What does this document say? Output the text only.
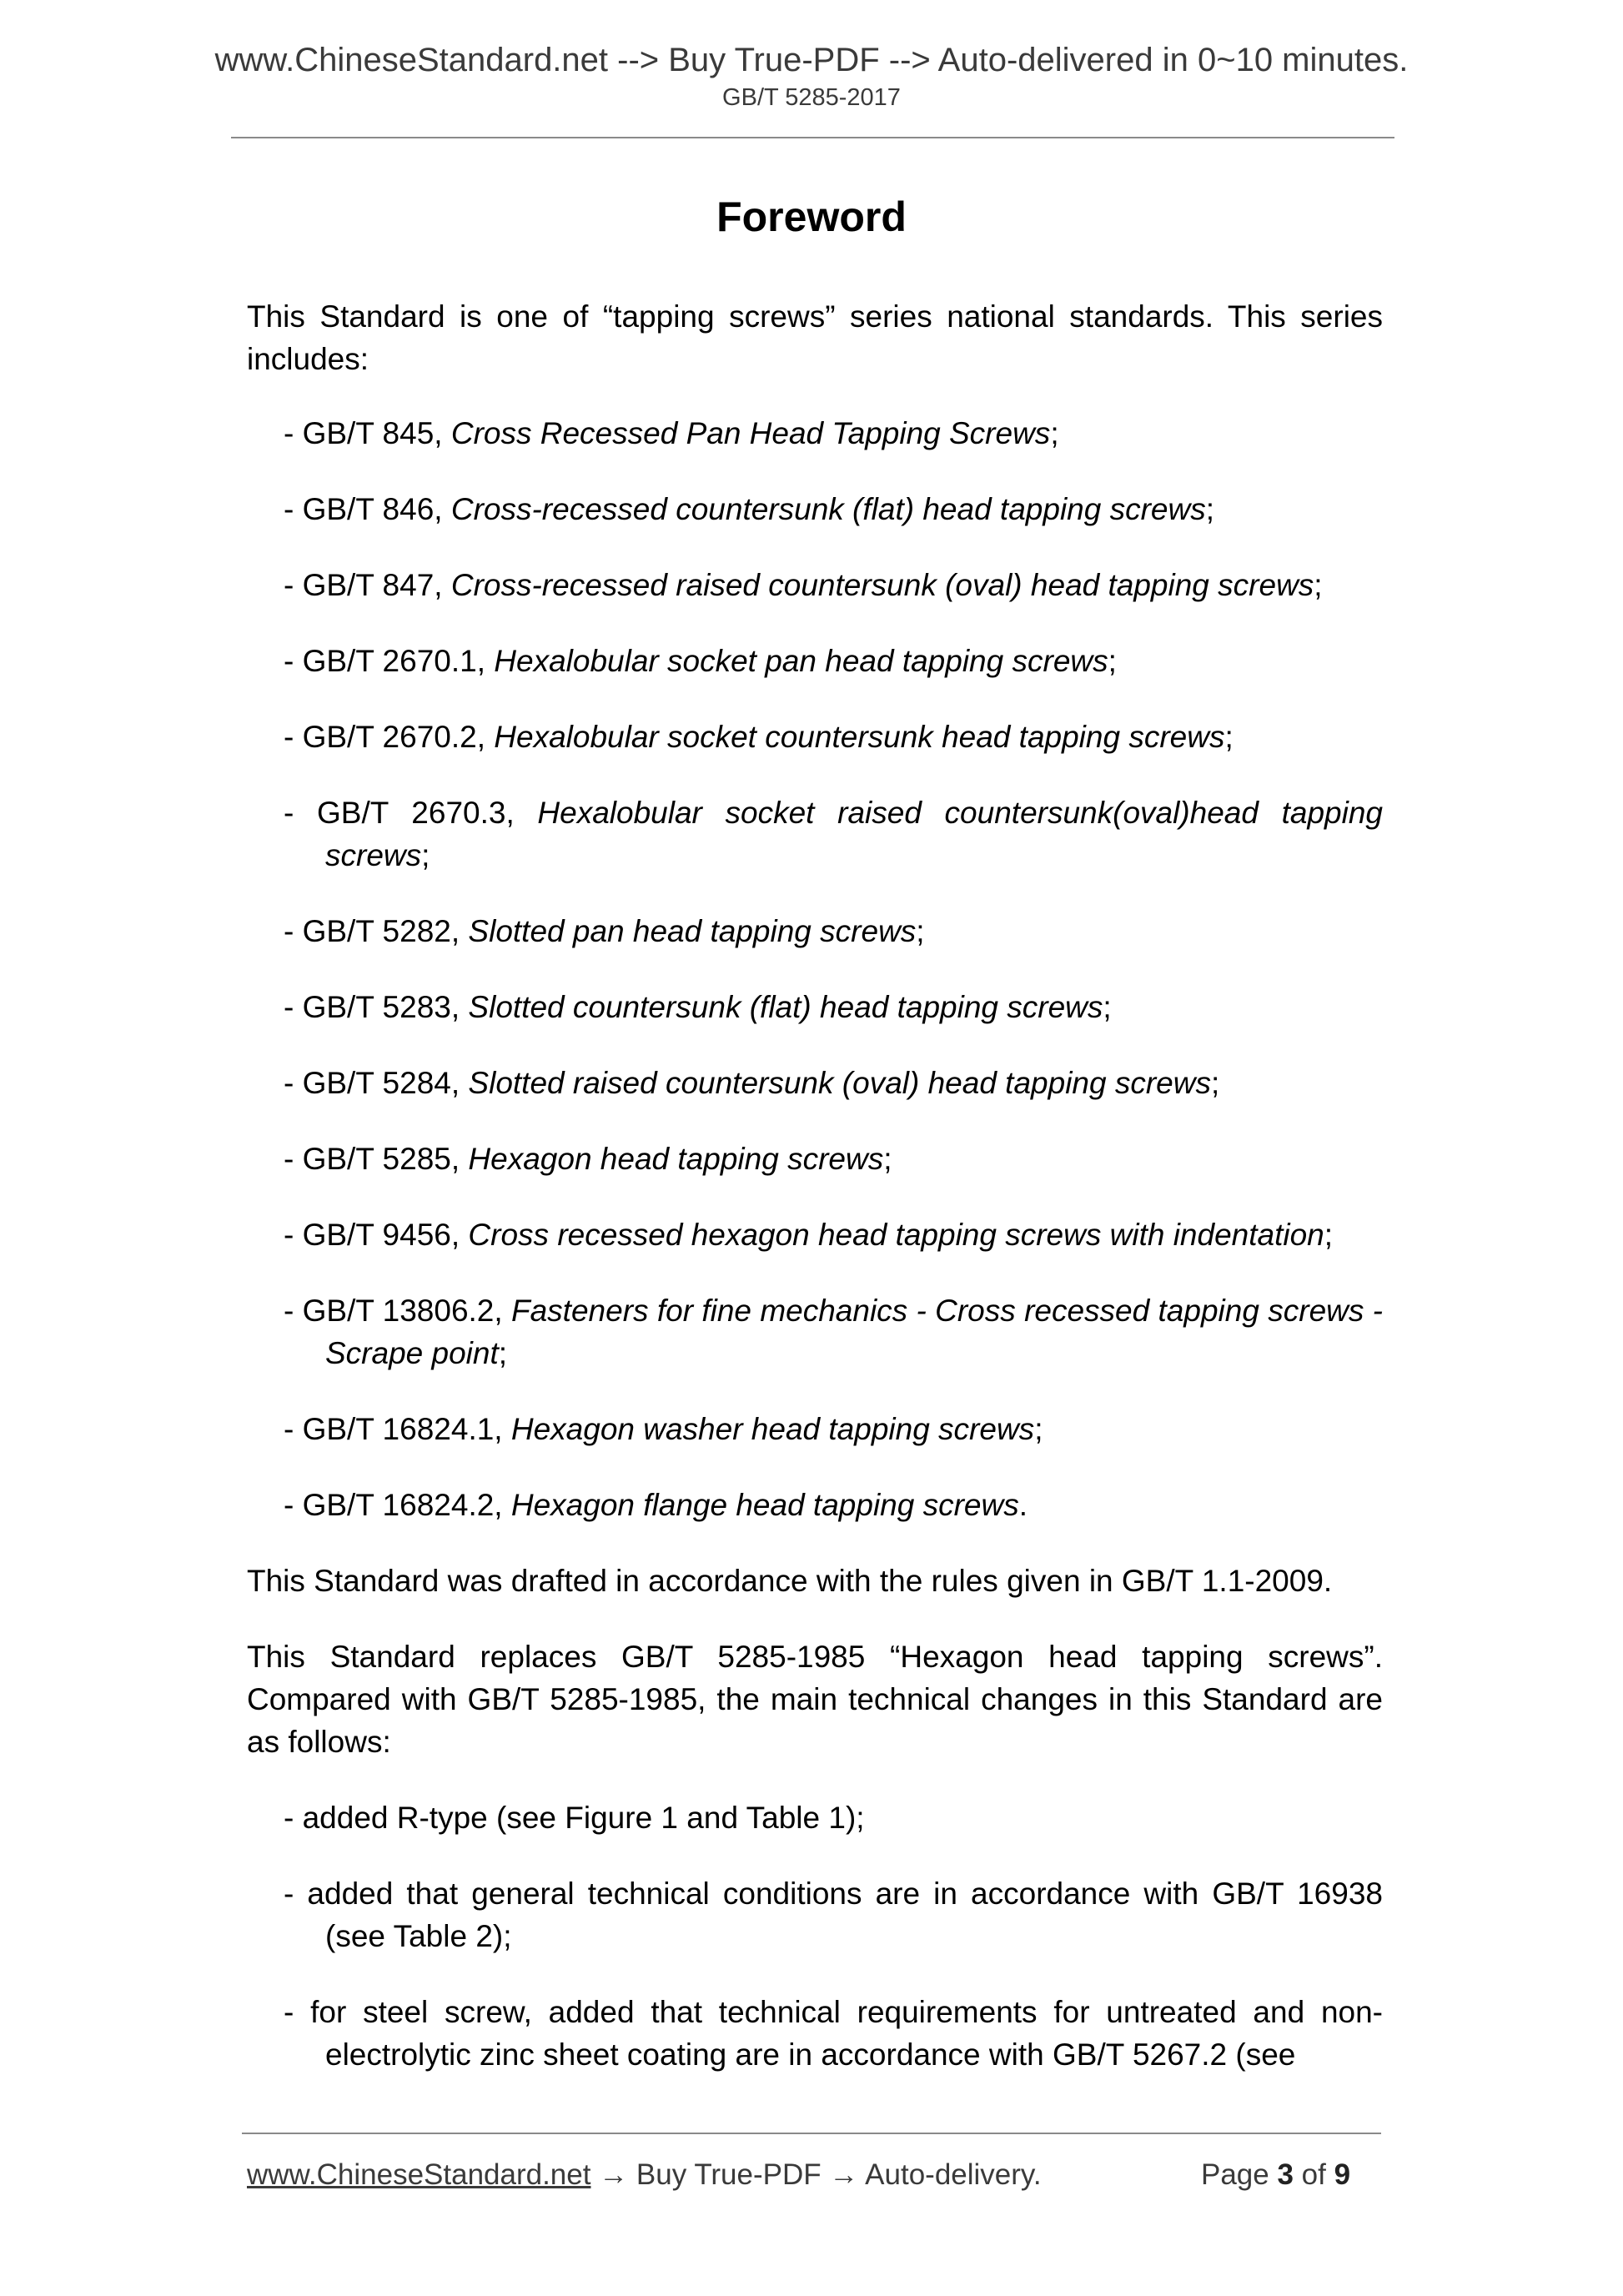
www.ChineseStandard.net --> Buy True-PDF --> Auto-delivered in 0~10 minutes.
GB/T 5285-2017
Foreword

This Standard is one of “tapping screws” series national standards. This series includes:

- GB/T 845, Cross Recessed Pan Head Tapping Screws;

- GB/T 846, Cross-recessed countersunk (flat) head tapping screws;

- GB/T 847, Cross-recessed raised countersunk (oval) head tapping screws;

- GB/T 2670.1, Hexalobular socket pan head tapping screws;

- GB/T 2670.2, Hexalobular socket countersunk head tapping screws;

- GB/T 2670.3, Hexalobular socket raised countersunk(oval)head tapping screws;

- GB/T 5282, Slotted pan head tapping screws;

- GB/T 5283, Slotted countersunk (flat) head tapping screws;

- GB/T 5284, Slotted raised countersunk (oval) head tapping screws;

- GB/T 5285, Hexagon head tapping screws;

- GB/T 9456, Cross recessed hexagon head tapping screws with indentation;

- GB/T 13806.2, Fasteners for fine mechanics - Cross recessed tapping screws - Scrape point;

- GB/T 16824.1, Hexagon washer head tapping screws;

- GB/T 16824.2, Hexagon flange head tapping screws.

This Standard was drafted in accordance with the rules given in GB/T 1.1-2009.

This Standard replaces GB/T 5285-1985 “Hexagon head tapping screws”. Compared with GB/T 5285-1985, the main technical changes in this Standard are as follows:

- added R-type (see Figure 1 and Table 1);

- added that general technical conditions are in accordance with GB/T 16938 (see Table 2);

- for steel screw, added that technical requirements for untreated and non-electrolytic zinc sheet coating are in accordance with GB/T 5267.2 (see

www.ChineseStandard.net → Buy True-PDF → Auto-delivery.	Page 3 of 9
